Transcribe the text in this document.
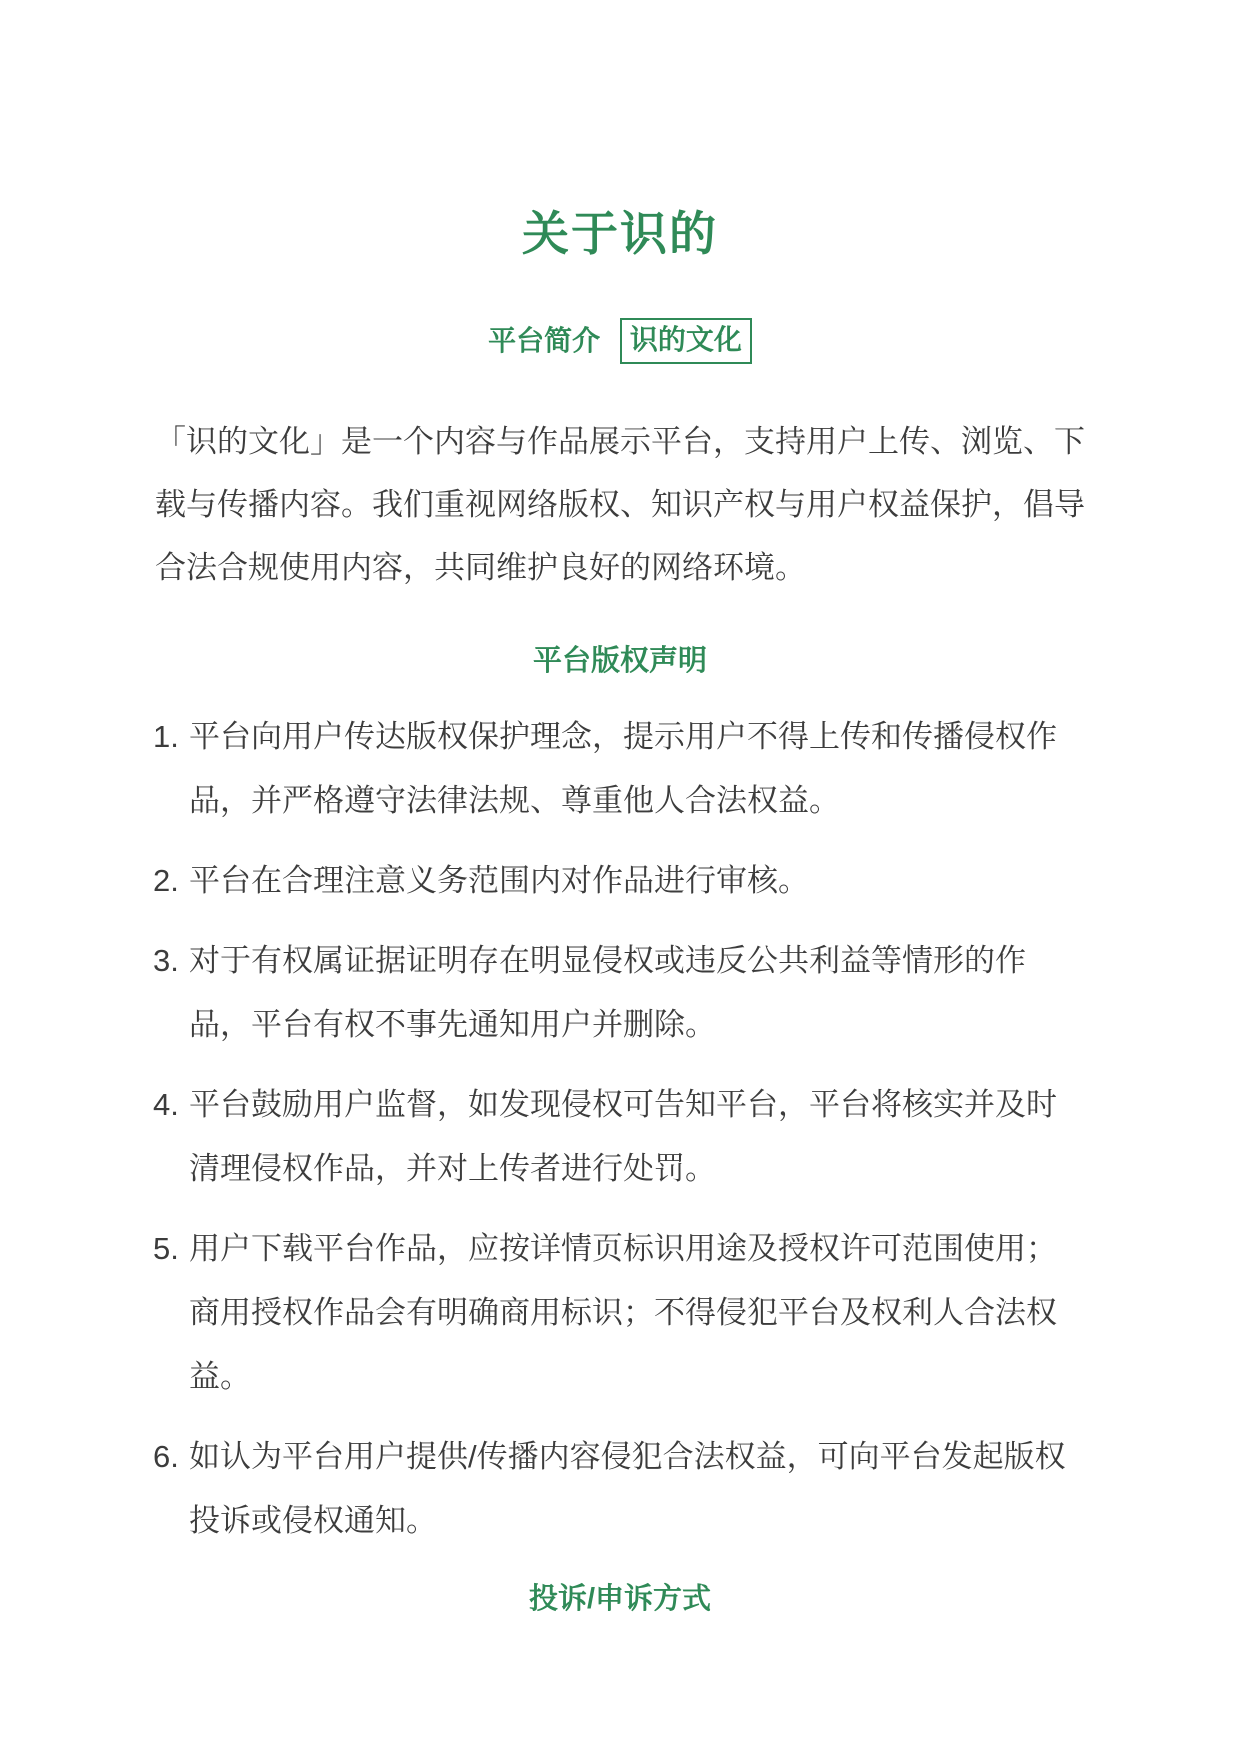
关于识的
平台简介 识的文化

「识的文化」是一个内容与作品展示平台，支持用户上传、浏览、下载与传播内容。我们重视网络版权、知识产权与用户权益保护，倡导合法合规使用内容，共同维护良好的网络环境。

平台版权声明
1. 平台向用户传达版权保护理念，提示用户不得上传和传播侵权作品，并严格遵守法律法规、尊重他人合法权益。

2. 平台在合理注意义务范围内对作品进行审核。

3. 对于有权属证据证明存在明显侵权或违反公共利益等情形的作品，平台有权不事先通知用户并删除。

4. 平台鼓励用户监督，如发现侵权可告知平台，平台将核实并及时清理侵权作品，并对上传者进行处罚。

5. 用户下载平台作品，应按详情页标识用途及授权许可范围使用；商用授权作品会有明确商用标识；不得侵犯平台及权利人合法权益。

6. 如认为平台用户提供/传播内容侵犯合法权益，可向平台发起版权投诉或侵权通知。

投诉/申诉方式
